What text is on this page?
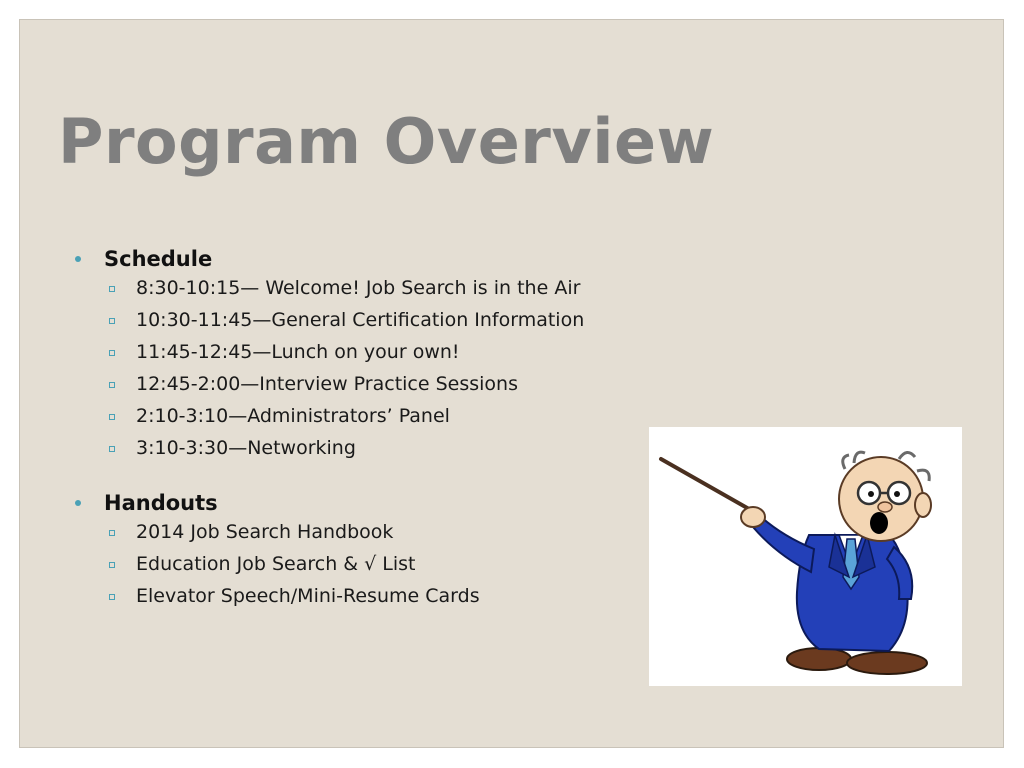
Program Overview
Schedule
8:30-10:15— Welcome! Job Search is in the Air
10:30-11:45—General Certification Information
11:45-12:45—Lunch on your own!
12:45-2:00—Interview Practice Sessions
2:10-3:10—Administrators’ Panel
3:10-3:30—Networking
Handouts
2014 Job Search Handbook
Education Job Search & √ List
Elevator Speech/Mini-Resume Cards
